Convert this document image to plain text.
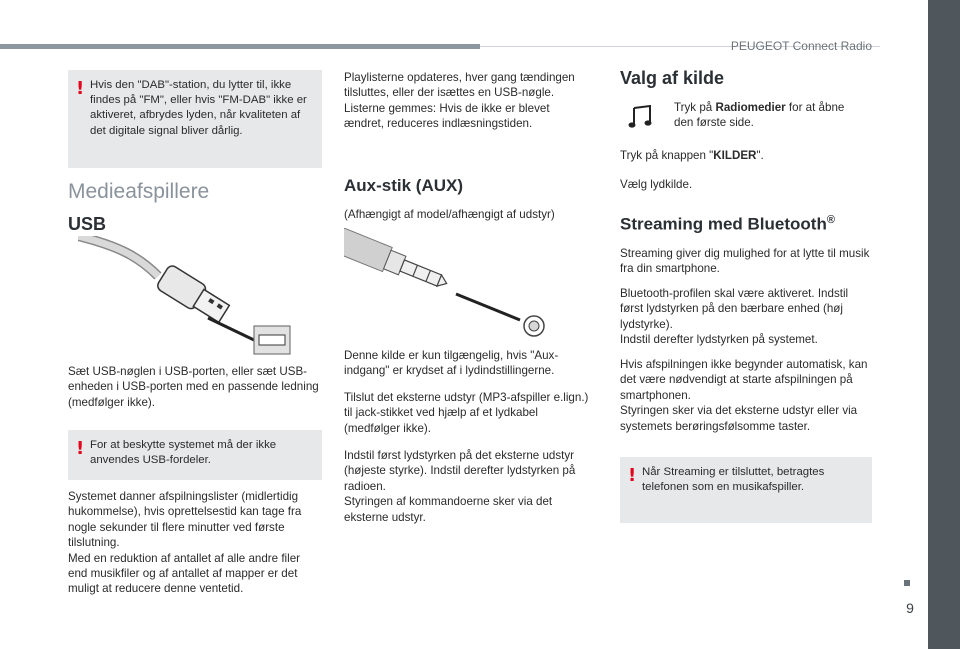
PEUGEOT Connect Radio
9
! Hvis den "DAB"-station, du lytter til, ikke findes på "FM", eller hvis "FM-DAB" ikke er aktiveret, afbrydes lyden, når kvaliteten af det digitale signal bliver dårlig.
Medieafspillere
USB

Sæt USB-nøglen i USB-porten, eller sæt USB-enheden i USB-porten med en passende ledning (medfølger ikke).

! For at beskytte systemet må der ikke anvendes USB-fordeler.

Systemet danner afspilningslister (midlertidig hukommelse), hvis oprettelsestid kan tage fra nogle sekunder til flere minutter ved første tilslutning.

Med en reduktion af antallet af alle andre filer end musikfiler og af antallet af mapper er det muligt at reducere denne ventetid.

Playlisterne opdateres, hver gang tændingen tilsluttes, eller der isættes en USB-nøgle. Listerne gemmes: Hvis de ikke er blevet ændret, reduceres indlæsningstiden.

Aux-stik (AUX)

(Afhængigt af model/afhængigt af udstyr)

Denne kilde er kun tilgængelig, hvis "Aux-indgang" er krydset af i lydindstillingerne.

Tilslut det eksterne udstyr (MP3-afspiller e.lign.) til jack-stikket ved hjælp af et lydkabel (medfølger ikke).

Indstil først lydstyrken på det eksterne udstyr (højeste styrke). Indstil derefter lydstyrken på radioen.

Styringen af kommandoerne sker via det eksterne udstyr.

Valg af kilde

Tryk på Radiomedier for at åbne den første side.

Tryk på knappen "KILDER".

Vælg lydkilde.

Streaming med Bluetooth®

Streaming giver dig mulighed for at lytte til musik fra din smartphone.

Bluetooth-profilen skal være aktiveret. Indstil først lydstyrken på den bærbare enhed (høj lydstyrke).

Indstil derefter lydstyrken på systemet.

Hvis afspilningen ikke begynder automatisk, kan det være nødvendigt at starte afspilningen på smartphonen.

Styringen sker via det eksterne udstyr eller via systemets berøringsfølsomme taster.

! Når Streaming er tilsluttet, betragtes telefonen som en musikafspiller.
